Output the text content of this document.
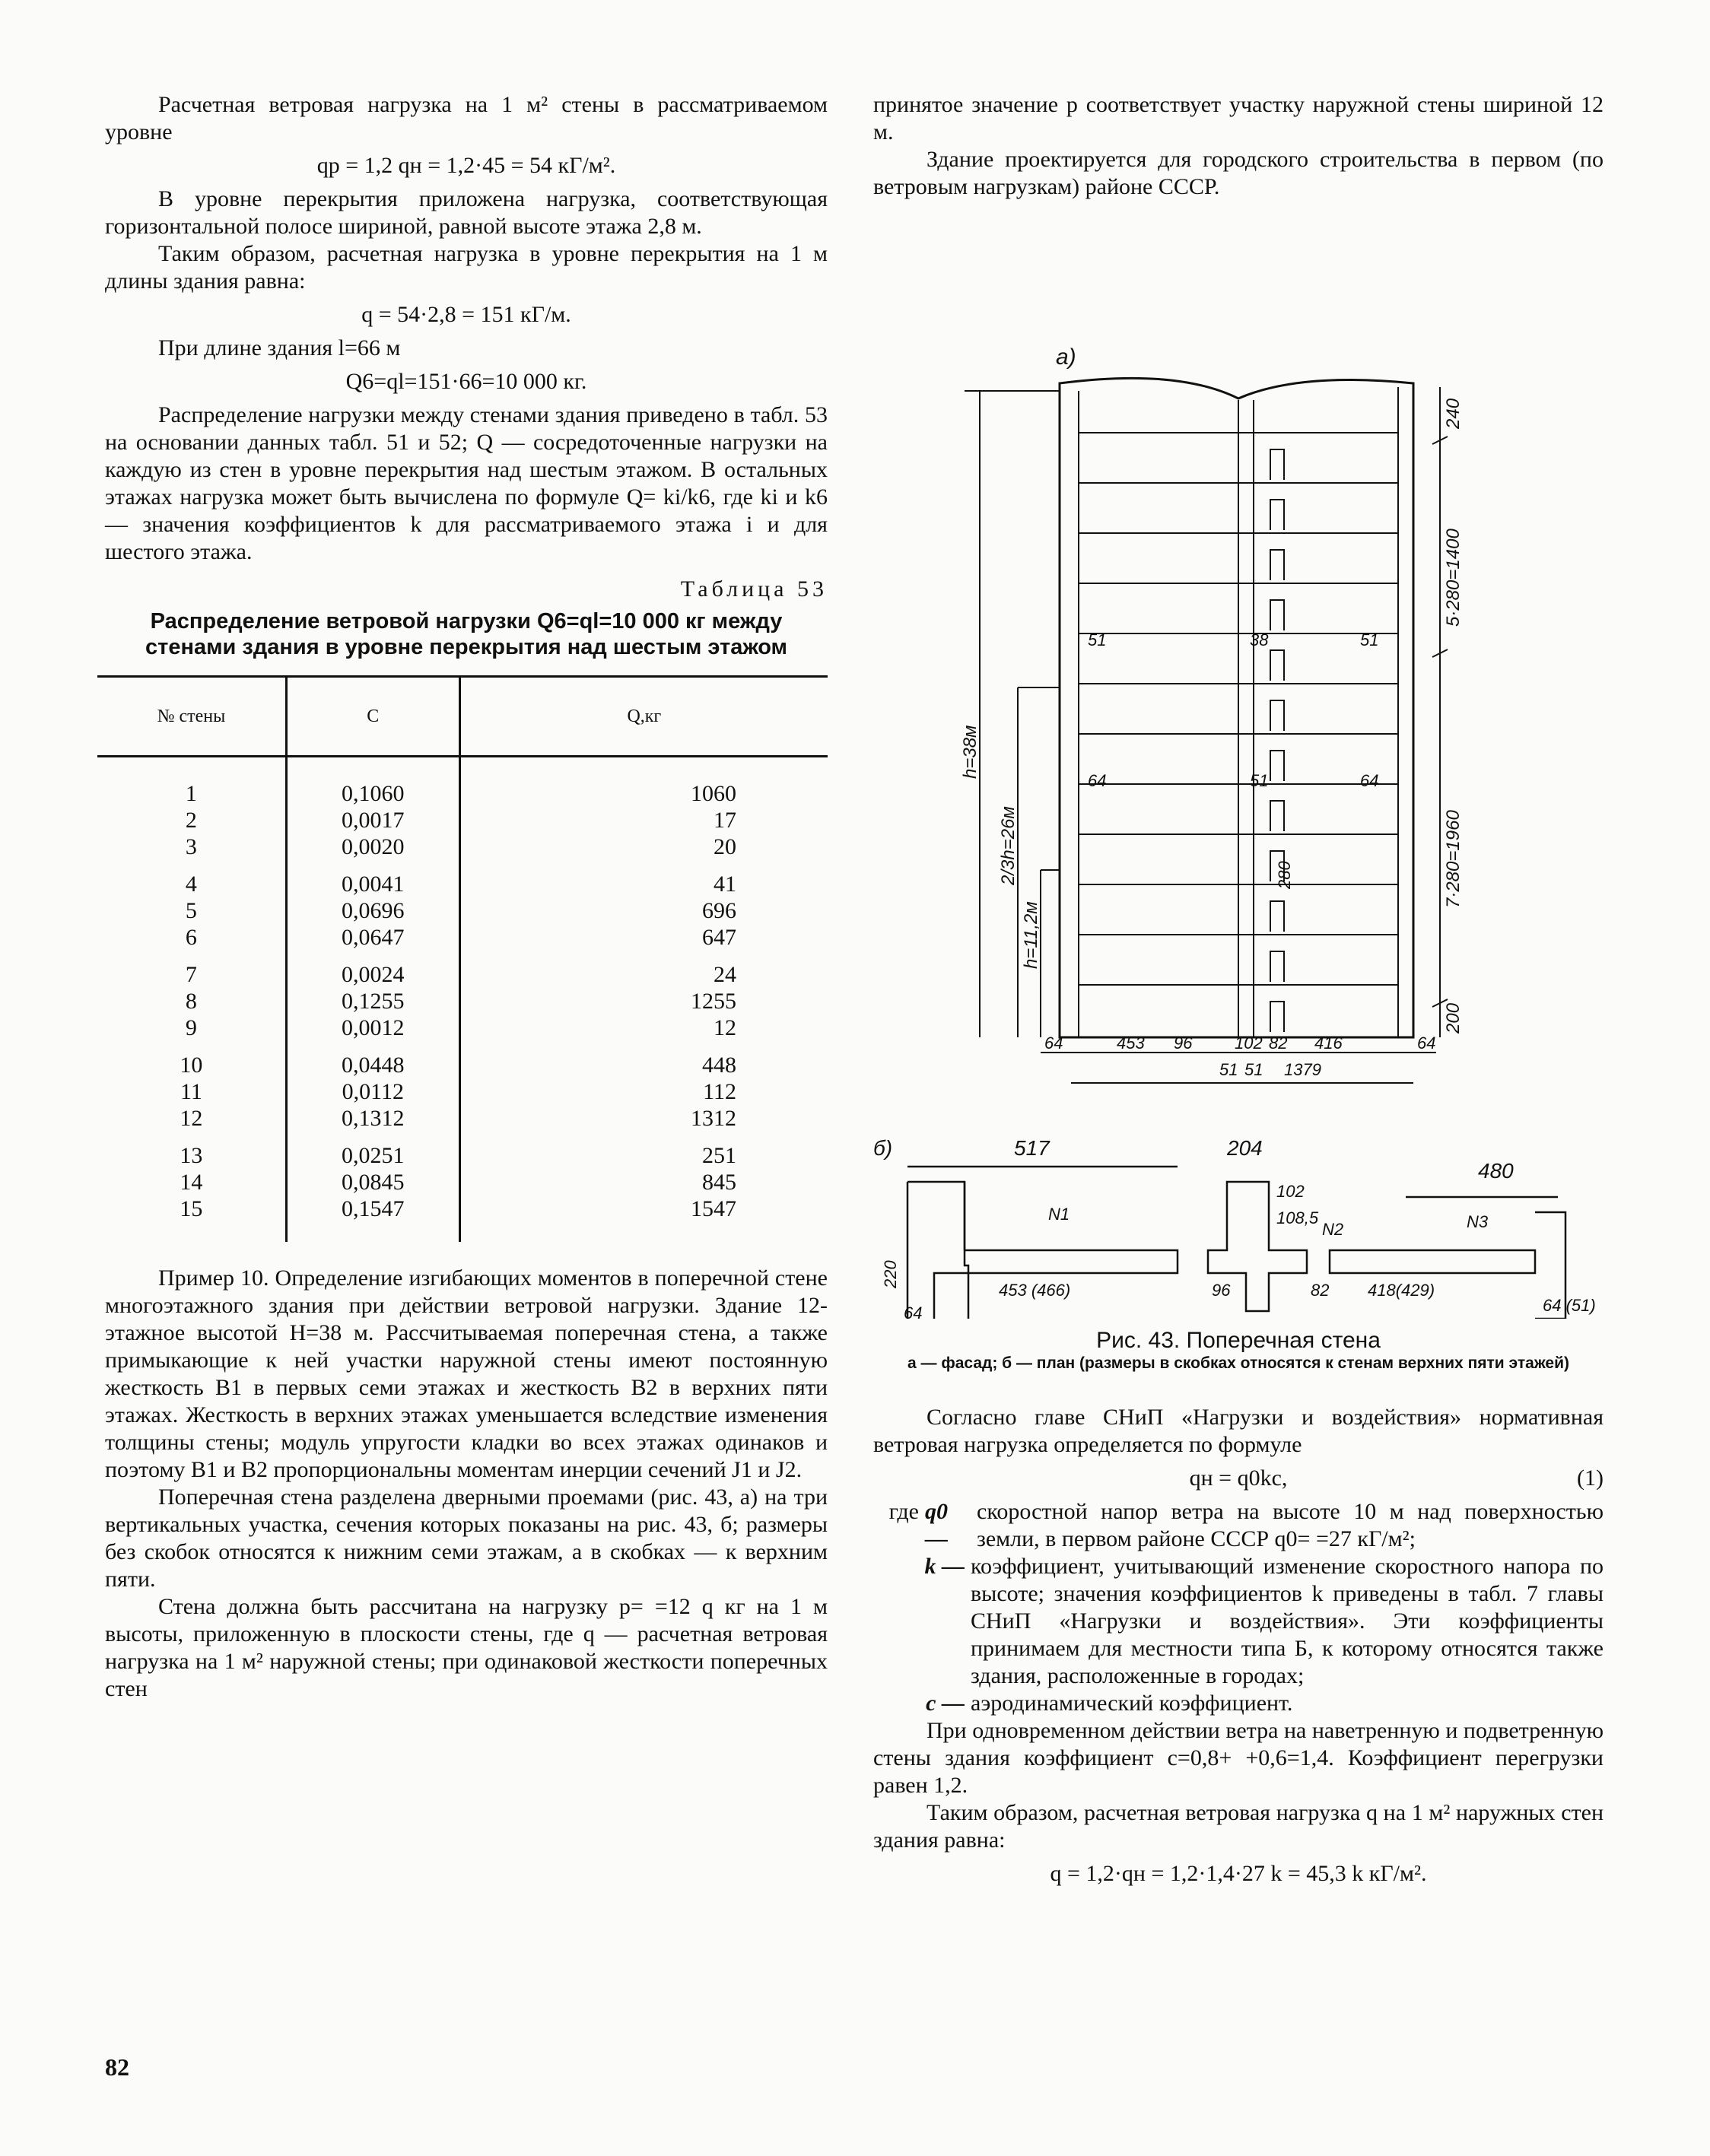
Расчетная ветровая нагрузка на 1 м² стены в рассматриваемом уровне

qр = 1,2 qн = 1,2·45 = 54 кГ/м².

В уровне перекрытия приложена нагрузка, соответствующая горизонтальной полосе шириной, равной высоте этажа 2,8 м.

Таким образом, расчетная нагрузка в уровне перекрытия на 1 м длины здания равна:

q = 54·2,8 = 151 кГ/м.

При длине здания l=66 м

Q6=ql=151·66=10 000 кг.

Распределение нагрузки между стенами здания приведено в табл. 53 на основании данных табл. 51 и 52; Q — сосредоточенные нагрузки на каждую из стен в уровне перекрытия над шестым этажом. В остальных этажах нагрузка может быть вычислена по формуле Q= ki/k6, где ki и k6 — значения коэффициентов k для рассматриваемого этажа i и для шестого этажа.

Таблица 53
Распределение ветровой нагрузки Q6=ql=10 000 кг между стенами здания в уровне перекрытия над шестым этажом
№ стены	C	Q,кг
1	0,1060	1060
2	0,0017	17
3	0,0020	20
4	0,0041	41
5	0,0696	696
6	0,0647	647
7	0,0024	24
8	0,1255	1255
9	0,0012	12
10	0,0448	448
11	0,0112	112
12	0,1312	1312
13	0,0251	251
14	0,0845	845
15	0,1547	1547

Пример 10. Определение изгибающих моментов в поперечной стене многоэтажного здания при действии ветровой нагрузки. Здание 12-этажное высотой H=38 м. Рассчитываемая поперечная стена, а также примыкающие к ней участки наружной стены имеют постоянную жесткость B1 в первых семи этажах и жесткость B2 в верхних пяти этажах. Жесткость в верхних этажах уменьшается вследствие изменения толщины стены; модуль упругости кладки во всех этажах одинаков и поэтому B1 и B2 пропорциональны моментам инерции сечений J1 и J2.

Поперечная стена разделена дверными проемами (рис. 43, а) на три вертикальных участка, сечения которых показаны на рис. 43, б; размеры без скобок относятся к нижним семи этажам, а в скобках — к верхним пяти.

Стена должна быть рассчитана на нагрузку p= =12 q кг на 1 м высоты, приложенную в плоскости стены, где q — расчетная ветровая нагрузка на 1 м² наружной стены; при одинаковой жесткости поперечных стен

принятое значение p соответствует участку наружной стены шириной 12 м.

Здание проектируется для городского строительства в первом (по ветровым нагрузкам) районе СССР.

а)
240
5·280=1400
7·280=1960
200
h=38м
2/3h=26м
h=11,2м
51	38	51
64	51	64
280
64	453 96	102 82 416	64
51 51 1379
б)	517	204
480
453 (466)	96	418(429)
82
102
108,5
N1
N2	N3
64 (51)
220
64
Рис. 43. Поперечная стена
а — фасад; б — план (размеры в скобках относятся к стенам верхних пяти этажей)

Согласно главе СНиП «Нагрузки и воздействия» нормативная ветровая нагрузка определяется по формуле

qн = q0kc,	(1)
где q0 —
скоростной напор ветра на высоте 10 м над поверхностью земли, в первом районе СССР q0= =27 кГ/м²;
k — коэффициент, учитывающий изменение скоростного напора по высоте; значения коэффициентов k приведены в табл. 7 главы СНиП «Нагрузки и воздействия». Эти коэффициенты принимаем для местности типа Б, к которому относятся также здания, расположенные в городах;
c — аэродинамический коэффициент.

При одновременном действии ветра на наветренную и подветренную стены здания коэффициент c=0,8+ +0,6=1,4. Коэффициент перегрузки равен 1,2.

Таким образом, расчетная ветровая нагрузка q на 1 м² наружных стен здания равна:

q = 1,2·qн = 1,2·1,4·27 k = 45,3 k кГ/м².
82
